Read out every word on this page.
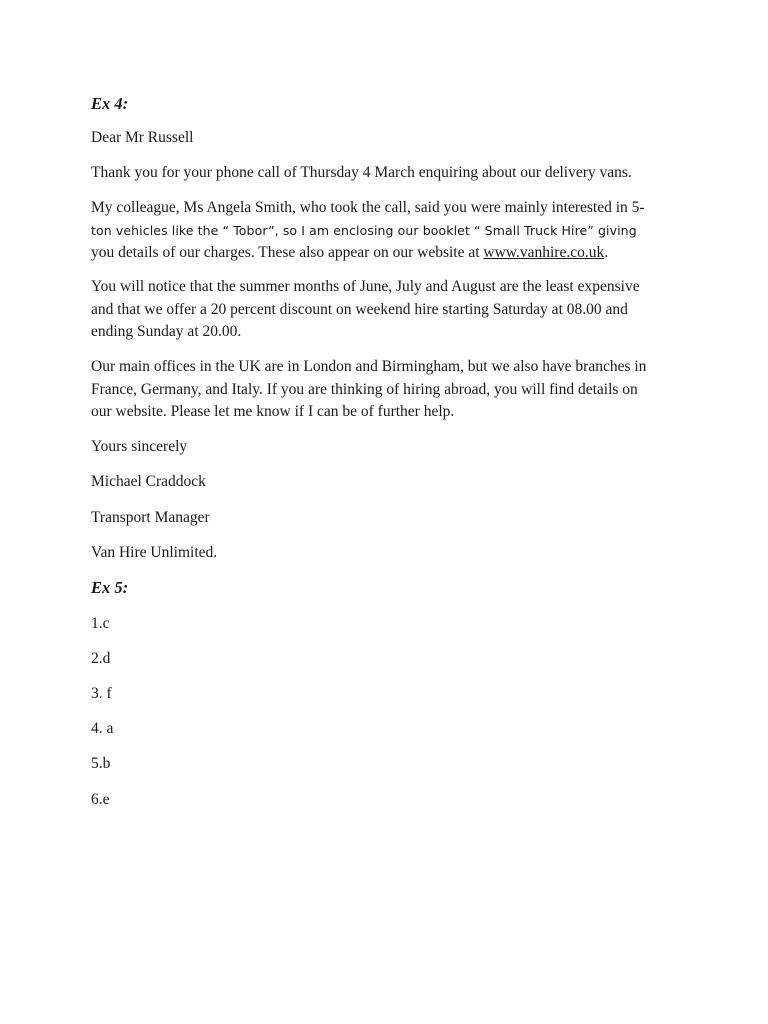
Ex 4:

Dear Mr Russell

Thank you for your phone call of Thursday 4 March enquiring about our delivery vans.

My colleague, Ms Angela Smith, who took the call, said you were mainly interested in 5-
ton vehicles like the “ Tobor”, so I am enclosing our booklet “ Small Truck Hire” giving
you details of our charges. These also appear on our website at www.vanhire.co.uk.
You will notice that the summer months of June, July and August are the least expensive
and that we offer a 20 percent discount on weekend hire starting Saturday at 08.00 and
ending Sunday at 20.00.
Our main offices in the UK are in London and Birmingham, but we also have branches in
France, Germany, and Italy. If you are thinking of hiring abroad, you will find details on
our website. Please let me know if I can be of further help.

Yours sincerely

Michael Craddock

Transport Manager

Van Hire Unlimited.

Ex 5:

1.c

2.d

3. f

4. a

5.b

6.e
